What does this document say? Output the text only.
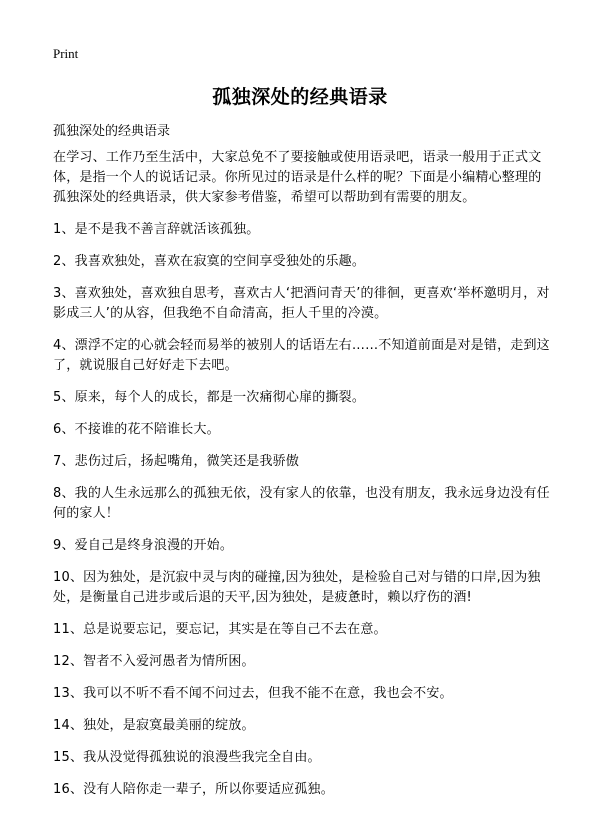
Print
孤独深处的经典语录

孤独深处的经典语录

在学习、工作乃至生活中，大家总免不了要接触或使用语录吧，语录一般用于正式文体，是指一个人的说话记录。你所见过的语录是什么样的呢？下面是小编精心整理的孤独深处的经典语录，供大家参考借鉴，希望可以帮助到有需要的朋友。

1、是不是我不善言辞就活该孤独。

2、我喜欢独处，喜欢在寂寞的空间享受独处的乐趣。

3、喜欢独处，喜欢独自思考，喜欢古人‘把酒问青天’的徘徊，更喜欢‘举杯邀明月，对影成三人’的从容，但我绝不自命清高，拒人千里的冷漠。

4、漂浮不定的心就会轻而易举的被别人的话语左右……不知道前面是对是错，走到这了，就说服自己好好走下去吧。

5、原来，每个人的成长，都是一次痛彻心扉的撕裂。

6、不接谁的花不陪谁长大。

7、悲伤过后，扬起嘴角，微笑还是我骄傲

8、我的人生永远那么的孤独无依，没有家人的依靠，也没有朋友，我永远身边没有任何的家人！

9、爱自己是终身浪漫的开始。

10、因为独处，是沉寂中灵与肉的碰撞,因为独处，是检验自己对与错的口岸,因为独处，是衡量自己进步或后退的天平,因为独处，是疲惫时，赖以疗伤的酒!

11、总是说要忘记，要忘记，其实是在等自己不去在意。

12、智者不入爱河愚者为情所困。

13、我可以不听不看不闻不问过去，但我不能不在意，我也会不安。

14、独处，是寂寞最美丽的绽放。

15、我从没觉得孤独说的浪漫些我完全自由。

16、没有人陪你走一辈子，所以你要适应孤独。
